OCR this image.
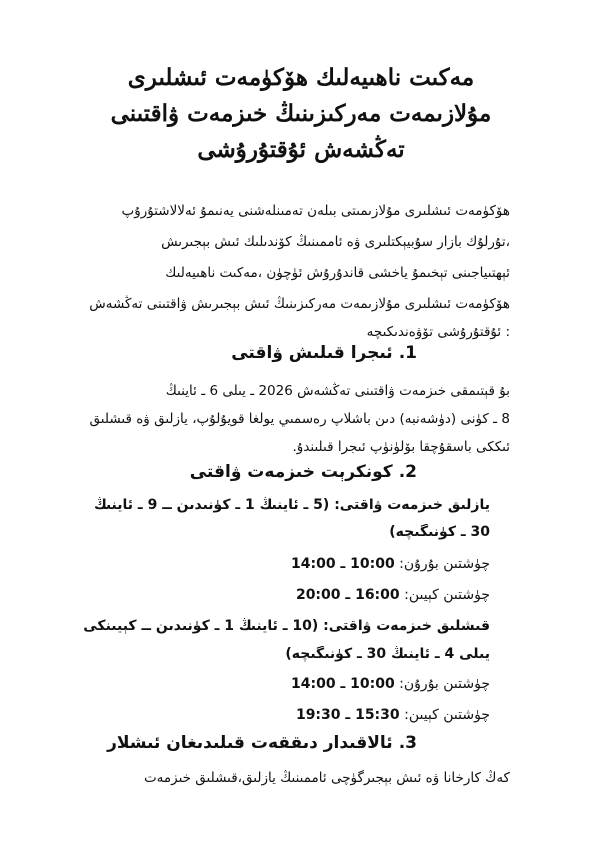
مەكىت ناھىيەلىك ھۆكۈمەت ئىشلىرى
مۇلازىمەت مەركىزىنىڭ خىزمەت ۋاقتىنى
تەڭشەش ئۇقتۇرۇشى
ھۆكۈمەت ئىشلىرى مۇلازىمىتى بىلەن تەمىنلەشنى يەنىمۇ ئەلالاشتۇرۇپ
،تۇرلۇك بازار سۇبيېكتلىرى ۋە ئاممىنىڭ كۆندىلىك ئىش بېجىرىش
ئېھتىياجىنى تېخىمۇ ياخشى قاندۇرۇش ئۈچۈن ،مەكىت ناھىيەلىك
ھۆكۈمەت ئىشلىرى مۇلازىمەت مەركىزىنىڭ ئىش بېجىرىش ۋاقتىنى تەڭشەش
: ئۇقتۇرۇشى تۆۋەندىكىچە
1.ئىجرا قىلىش ۋاقتى
بۇ قېتىمقى خىزمەت ۋاقتىنى تەڭشەش 2026 ـ يىلى 6 ـ ئاينىڭ
8 ـ كۈنى (دۈشەنبە) دىن باشلاپ رەسمىي يولغا قويۇلۇپ، يازلىق ۋە قىشلىق
ئىككى باسقۇچقا بۆلۈنۈپ ئىجرا قىلىندۇ.
2.كونكرېت خىزمەت ۋاقتى
يازلىق خىزمەت ۋاقتى: (5 ـ ئاينىڭ 1 ـ كۈنىدىن ــ 9 ـ ئاينىڭ
30 ـ كۈنىگىچە)
چۈشتىن بۇرۇن: 10:00 ـ 14:00
چۈشتىن كېيىن: 16:00 ـ 20:00
قىشلىق خىزمەت ۋاقتى: (10 ـ ئاينىڭ 1 ـ كۈنىدىن ــ كېيىنكى
يىلى 4 ـ ئاينىڭ 30 ـ كۈنىگىچە)
چۈشتىن بۇرۇن: 10:00 ـ 14:00
چۈشتىن كېيىن: 15:30 ـ 19:30
3.ئالاقىدار دىققەت قىلىدىغان ئىشلار
كەڭ كارخانا ۋە ئىش بېجىرگۈچى ئاممىنىڭ يازلىق،قىشلىق خىزمەت
